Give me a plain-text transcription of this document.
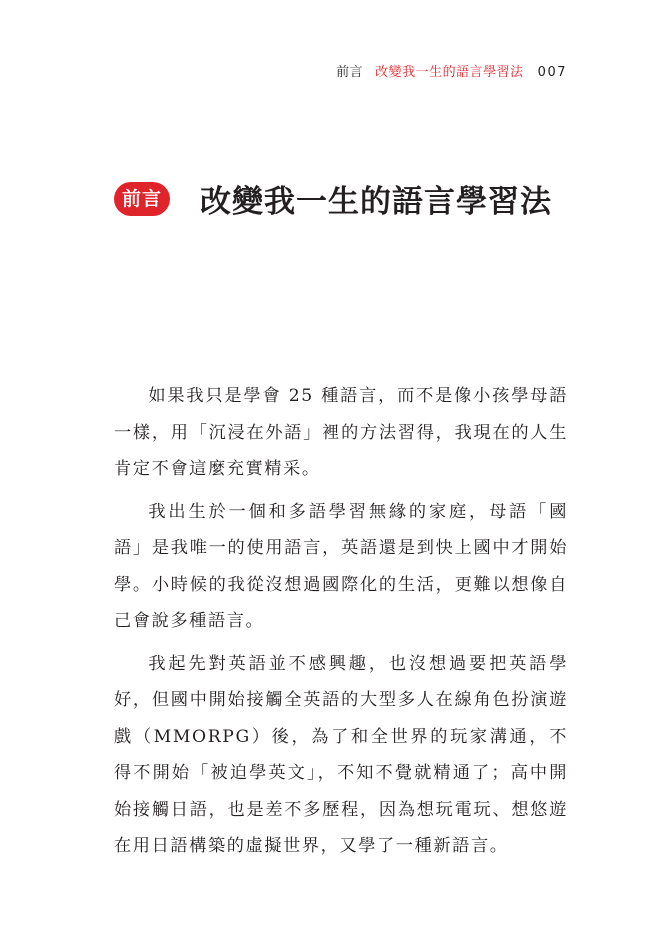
前言 改變我一生的語言學習法 007
前言 改變我一生的語言學習法

如果我只是學會 25 種語言，而不是像小孩學母語一樣，用「沉浸在外語」裡的方法習得，我現在的人生肯定不會這麼充實精采。

我出生於一個和多語學習無緣的家庭，母語「國語」是我唯一的使用語言，英語還是到快上國中才開始學。小時候的我從沒想過國際化的生活，更難以想像自己會說多種語言。

我起先對英語並不感興趣，也沒想過要把英語學好，但國中開始接觸全英語的大型多人在線角色扮演遊戲（MMORPG）後，為了和全世界的玩家溝通，不得不開始「被迫學英文」，不知不覺就精通了；高中開始接觸日語，也是差不多歷程，因為想玩電玩、想悠遊在用日語構築的虛擬世界，又學了一種新語言。
